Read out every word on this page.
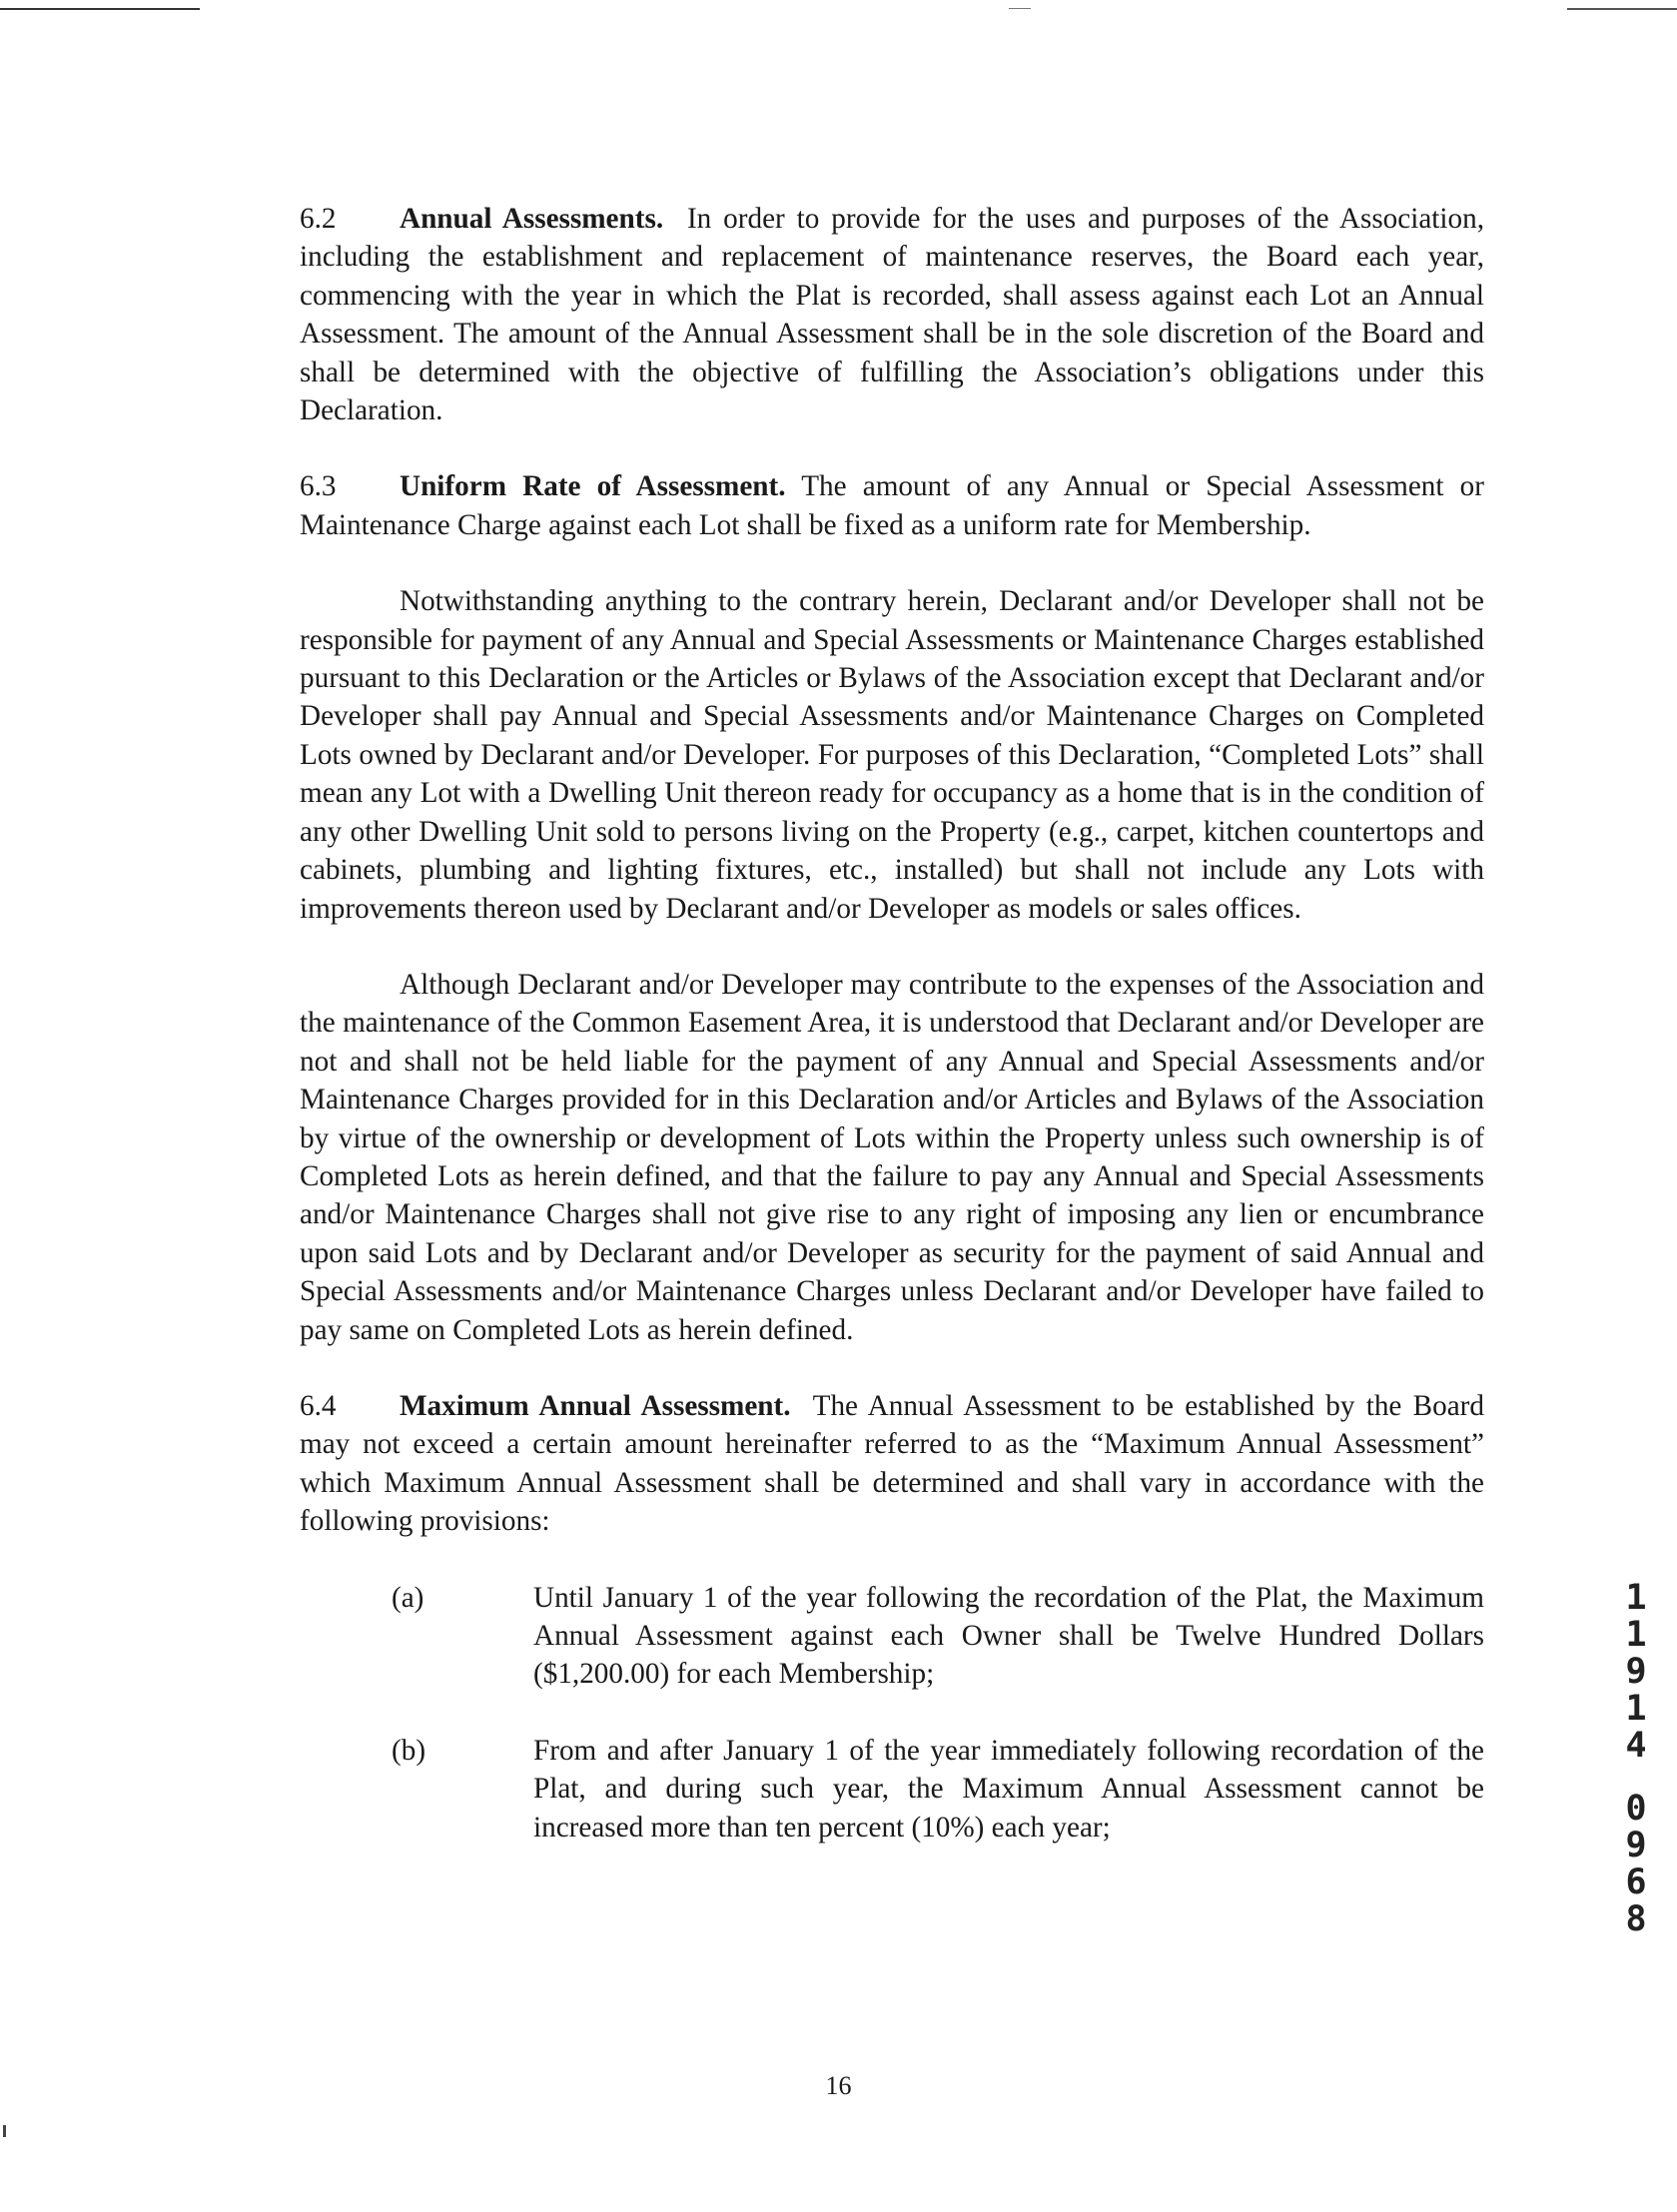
6.2 Annual Assessments. In order to provide for the uses and purposes of the Association, including the establishment and replacement of maintenance reserves, the Board each year, commencing with the year in which the Plat is recorded, shall assess against each Lot an Annual Assessment. The amount of the Annual Assessment shall be in the sole discretion of the Board and shall be determined with the objective of fulfilling the Association’s obligations under this Declaration.

6.3 Uniform Rate of Assessment. The amount of any Annual or Special Assessment or Maintenance Charge against each Lot shall be fixed as a uniform rate for Membership.

Notwithstanding anything to the contrary herein, Declarant and/or Developer shall not be responsible for payment of any Annual and Special Assessments or Maintenance Charges established pursuant to this Declaration or the Articles or Bylaws of the Association except that Declarant and/or Developer shall pay Annual and Special Assessments and/or Maintenance Charges on Completed Lots owned by Declarant and/or Developer. For purposes of this Declaration, “Completed Lots” shall mean any Lot with a Dwelling Unit thereon ready for occupancy as a home that is in the condition of any other Dwelling Unit sold to persons living on the Property (e.g., carpet, kitchen countertops and cabinets, plumbing and lighting fixtures, etc., installed) but shall not include any Lots with improvements thereon used by Declarant and/or Developer as models or sales offices.

Although Declarant and/or Developer may contribute to the expenses of the Association and the maintenance of the Common Easement Area, it is understood that Declarant and/or Developer are not and shall not be held liable for the payment of any Annual and Special Assessments and/or Maintenance Charges provided for in this Declaration and/or Articles and Bylaws of the Association by virtue of the ownership or development of Lots within the Property unless such ownership is of Completed Lots as herein defined, and that the failure to pay any Annual and Special Assessments and/or Maintenance Charges shall not give rise to any right of imposing any lien or encumbrance upon said Lots and by Declarant and/or Developer as security for the payment of said Annual and Special Assessments and/or Maintenance Charges unless Declarant and/or Developer have failed to pay same on Completed Lots as herein defined.

6.4 Maximum Annual Assessment. The Annual Assessment to be established by the Board may not exceed a certain amount hereinafter referred to as the “Maximum Annual Assessment” which Maximum Annual Assessment shall be determined and shall vary in accordance with the following provisions:

(a)	Until January 1 of the year following the recordation of the Plat, the Maximum Annual Assessment against each Owner shall be Twelve Hundred Dollars ($1,200.00) for each Membership;
(b)	From and after January 1 of the year immediately following recordation of the Plat, and during such year, the Maximum Annual Assessment cannot be increased more than ten percent (10%) each year;
1
1
9
1
4
0
9
6
8
16
